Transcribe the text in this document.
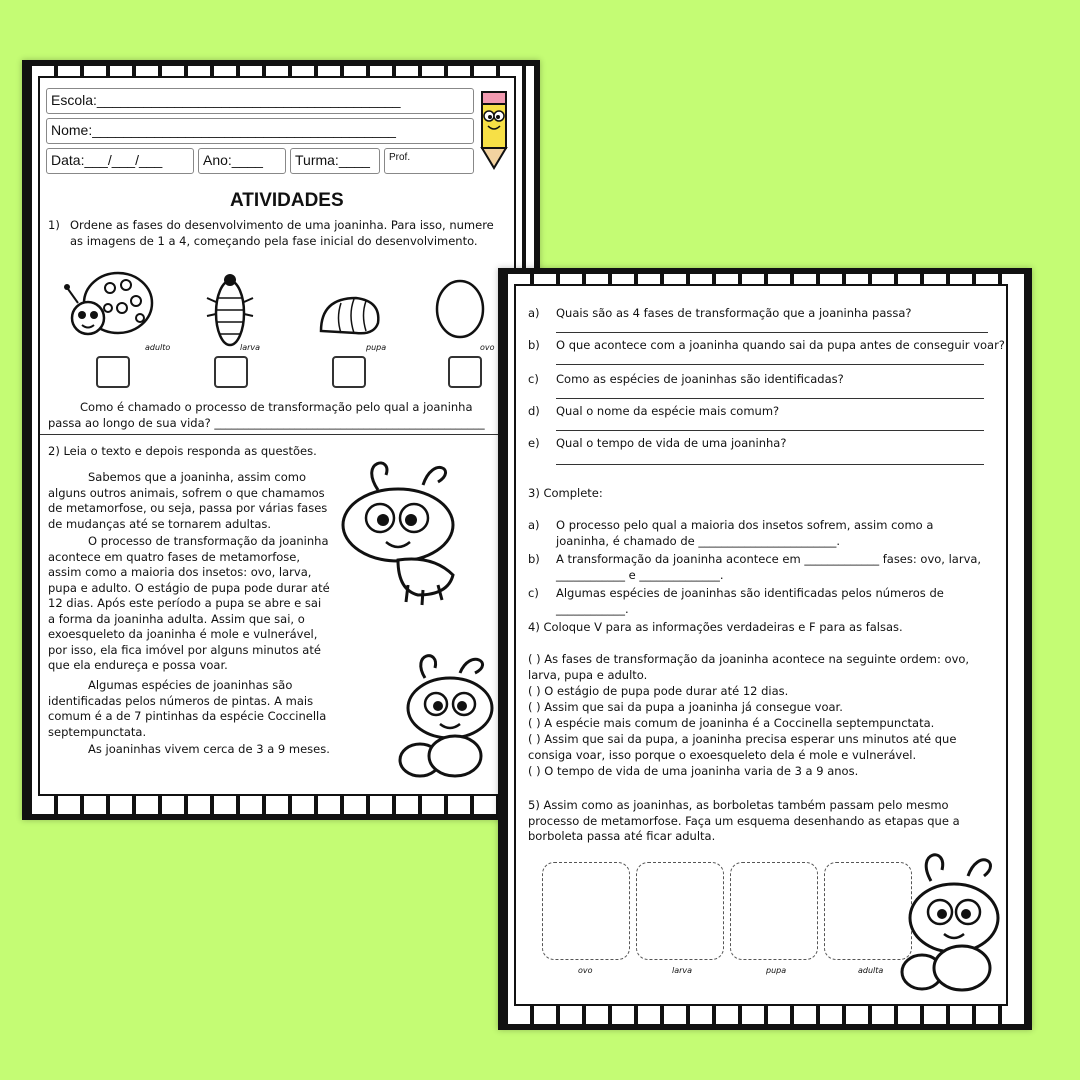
Escola:_______________________________________
Nome:_______________________________________
Data:___/___/___	Ano:____	Turma:____	Prof.
ATIVIDADES
1) Ordene as fases do desenvolvimento de uma joaninha. Para isso, numere as imagens de 1 a 4, começando pela fase inicial do desenvolvimento.
adulto	larva	pupa	ovo
Como é chamado o processo de transformação pelo qual a joaninha passa ao longo de sua vida? _______________________________________________
2) Leia o texto e depois responda as questões.
Sabemos que a joaninha, assim como alguns outros animais, sofrem o que chamamos de metamorfose, ou seja, passa por várias fases de mudanças até se tornarem adultas.
O processo de transformação da joaninha acontece em quatro fases de metamorfose, assim como a maioria dos insetos: ovo, larva, pupa e adulto. O estágio de pupa pode durar até 12 dias. Após este período a pupa se abre e sai a forma da joaninha adulta. Assim que sai, o exoesqueleto da joaninha é mole e vulnerável, por isso, ela fica imóvel por alguns minutos até que ela endureça e possa voar.
Algumas espécies de joaninhas são identificadas pelos números de pintas. A mais comum é a de 7 pintinhas da espécie Coccinella septempunctata.
As joaninhas vivem cerca de 3 a 9 meses.
a) Quais são as 4 fases de transformação que a joaninha passa?
b) O que acontece com a joaninha quando sai da pupa antes de conseguir voar?
c) Como as espécies de joaninhas são identificadas?
d) Qual o nome da espécie mais comum?
e) Qual o tempo de vida de uma joaninha?
3) Complete:
a) O processo pelo qual a maioria dos insetos sofrem, assim como a joaninha, é chamado de ________________________.
b) A transformação da joaninha acontece em _____________ fases: ovo, larva, ____________ e ______________.
c) Algumas espécies de joaninhas são identificadas pelos números de ____________.
4) Coloque V para as informações verdadeiras e F para as falsas.
( ) As fases de transformação da joaninha acontece na seguinte ordem: ovo, larva, pupa e adulto.
( ) O estágio de pupa pode durar até 12 dias.
( ) Assim que sai da pupa a joaninha já consegue voar.
( ) A espécie mais comum de joaninha é a Coccinella septempunctata.
( ) Assim que sai da pupa, a joaninha precisa esperar uns minutos até que consiga voar, isso porque o exoesqueleto dela é mole e vulnerável.
( ) O tempo de vida de uma joaninha varia de 3 a 9 anos.
5) Assim como as joaninhas, as borboletas também passam pelo mesmo processo de metamorfose. Faça um esquema desenhando as etapas que a borboleta passa até ficar adulta.
ovo	larva	pupa	adulta
